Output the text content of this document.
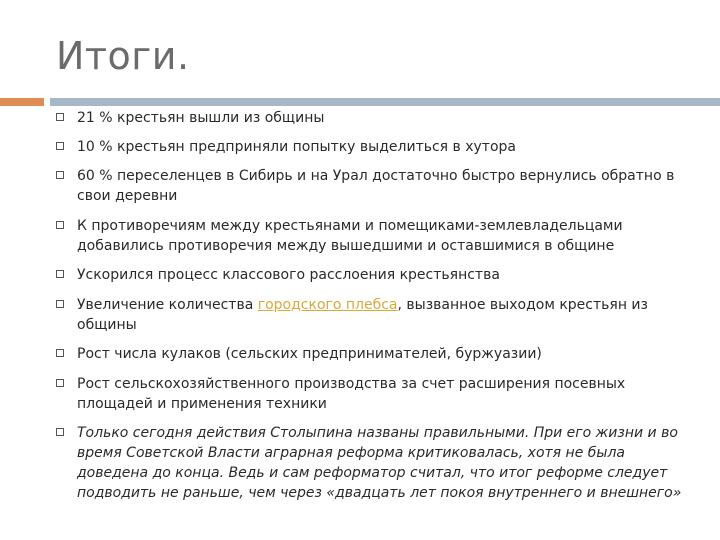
Итоги.
21 % крестьян вышли из общины
10 % крестьян предприняли попытку выделиться в хутора
60 % переселенцев в Сибирь и на Урал достаточно быстро вернулись обратно в свои деревни
К противоречиям между крестьянами и помещиками-землевладельцами добавились противоречия между вышедшими и оставшимися в общине
Ускорился процесс классового расслоения крестьянства
Увеличение количества городского плебса, вызванное выходом крестьян из общины
Рост числа кулаков (сельских предпринимателей, буржуазии)
Рост сельскохозяйственного производства за счет расширения посевных площадей и применения техники
Только сегодня действия Столыпина названы правильными. При его жизни и во время Советской Власти аграрная реформа критиковалась, хотя не была доведена до конца. Ведь и сам реформатор считал, что итог реформе следует подводить не раньше, чем через «двадцать лет покоя внутреннего и внешнего»
